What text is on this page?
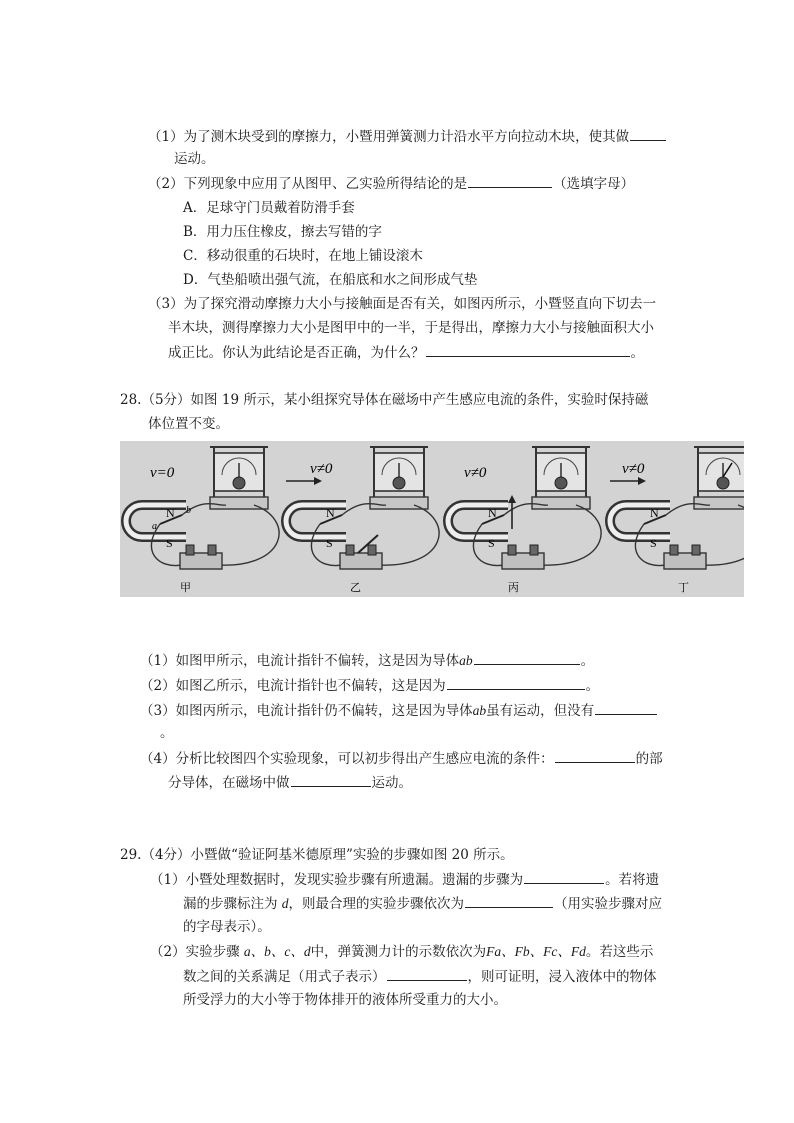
（1）为了测木块受到的摩擦力，小暨用弹簧测力计沿水平方向拉动木块，使其做
运动。
（2）下列现象中应用了从图甲、乙实验所得结论的是	（选填字母）
A．足球守门员戴着防滑手套
B．用力压住橡皮，擦去写错的字
C．移动很重的石块时，在地上铺设滚木
D．气垫船喷出强气流，在船底和水之间形成气垫
（3）为了探究滑动摩擦力大小与接触面是否有关，如图丙所示，小暨竖直向下切去一
半木块，测得摩擦力大小是图甲中的一半，于是得出，摩擦力大小与接触面积大小
成正比。你认为此结论是否正确，为什么？	。
28.（5分）如图 19 所示，某小组探究导体在磁场中产生感应电流的条件，实验时保持磁
体位置不变。
v=0
N
S
a
b
甲
v≠0
N
S
乙
v≠0
N
S
丙
v≠0
N
S
丁
（1）如图甲所示，电流计指针不偏转，这是因为导体ab	。
（2）如图乙所示，电流计指针也不偏转，这是因为	。
（3）如图丙所示，电流计指针仍不偏转，这是因为导体ab虽有运动，但没有
。
（4）分析比较图四个实验现象，可以初步得出产生感应电流的条件：	的部
分导体，在磁场中做	运动。
29.（4分）小暨做“验证阿基米德原理”实验的步骤如图 20 所示。
（1）小暨处理数据时，发现实验步骤有所遗漏。遗漏的步骤为	。若将遗
漏的步骤标注为 d，则最合理的实验步骤依次为	（用实验步骤对应
的字母表示）。
（2）实验步骤 a、b、c、d中，弹簧测力计的示数依次为Fa、Fb、Fc、Fd。若这些示
数之间的关系满足（用式子表示）	，则可证明，浸入液体中的物体
所受浮力的大小等于物体排开的液体所受重力的大小。
